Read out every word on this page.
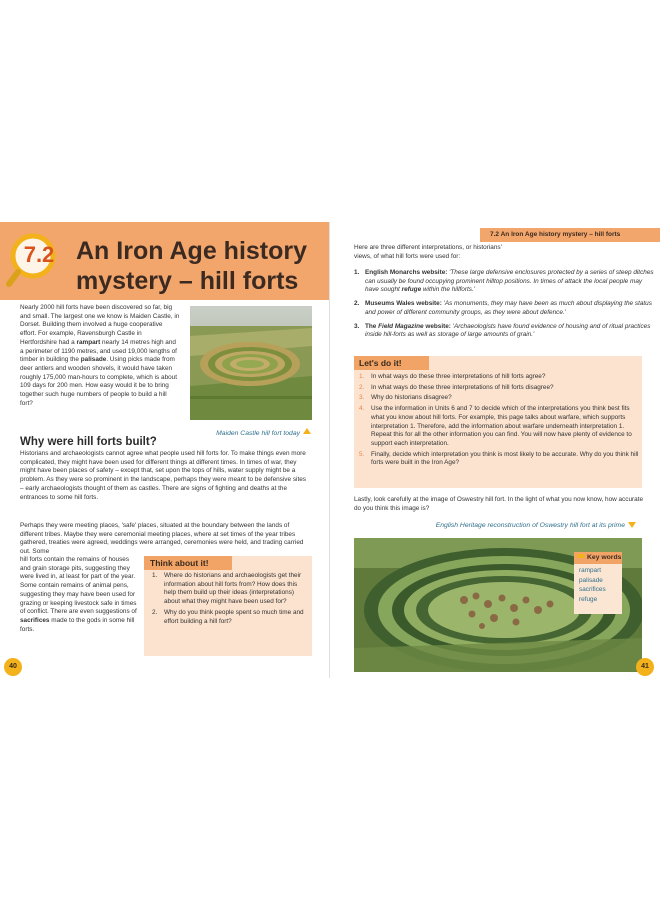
7.2 An Iron Age history mystery – hill forts
Nearly 2000 hill forts have been discovered so far, big and small. The largest one we know is Maiden Castle, in Dorset. Building them involved a huge cooperative effort. For example, Ravensburgh Castle in Hertfordshire had a rampart nearly 14 metres high and a perimeter of 1190 metres, and used 19,000 lengths of timber in building the palisade. Using picks made from deer antlers and wooden shovels, it would have taken roughly 175,000 man-hours to complete, which is about 109 days for 200 men. How easy would it be to bring together such huge numbers of people to build a hill fort?
Maiden Castle hill fort today
Why were hill forts built?
Historians and archaeologists cannot agree what people used hill forts for. To make things even more complicated, they might have been used for different things at different times. In times of war, they might have been places of safety – except that, set upon the tops of hills, water supply might be a problem. As they were so prominent in the landscape, perhaps they were meant to be defensive sites – early archaeologists thought of them as castles. There are signs of fighting and deaths at the entrances to some hill forts.
Perhaps they were meeting places, 'safe' places, situated at the boundary between the lands of different tribes. Maybe they were ceremonial meeting places, where at set times of the year tribes gathered, treaties were agreed, weddings were arranged, ceremonies were held, and trading carried out. Some
hill forts contain the remains of houses and grain storage pits, suggesting they were lived in, at least for part of the year. Some contain remains of animal pens, suggesting they may have been used for grazing or keeping livestock safe in times of conflict. There are even suggestions of sacrifices made to the gods in some hill forts.
Think about it!
1. Where do historians and archaeologists get their information about hill forts from? How does this help them build up their ideas (interpretations) about what they might have been used for?
2. Why do you think people spent so much time and effort building a hill fort?
40
7.2 An Iron Age history mystery – hill forts
Here are three different interpretations, or historians' views, of what hill forts were used for:
1. English Monarchs website: 'These large defensive enclosures protected by a series of steep ditches can usually be found occupying prominent hilltop positions. In times of attack the local people may have sought refuge within the hillforts.'
2. Museums Wales website: 'As monuments, they may have been as much about displaying the status and power of different community groups, as they were about defence.'
3. The Field Magazine website: 'Archaeologists have found evidence of housing and of ritual practices inside hill-forts as well as storage of large amounts of grain.'
Let's do it!
1. In what ways do these three interpretations of hill forts agree?
2. In what ways do these three interpretations of hill forts disagree?
3. Why do historians disagree?
4. Use the information in Units 6 and 7 to decide which of the interpretations you think best fits what you know about hill forts. For example, this page talks about warfare, which supports interpretation 1. Therefore, add the information about warfare underneath interpretation 1. Repeat this for all the other information you can find. You will now have plenty of evidence to support each interpretation.
5. Finally, decide which interpretation you think is most likely to be accurate. Why do you think hill forts were built in the Iron Age?
Lastly, look carefully at the image of Oswestry hill fort. In the light of what you now know, how accurate do you think this image is?
English Heritage reconstruction of Oswestry hill fort at its prime
Key words
rampart
palisade
sacrifices
refuge
41
